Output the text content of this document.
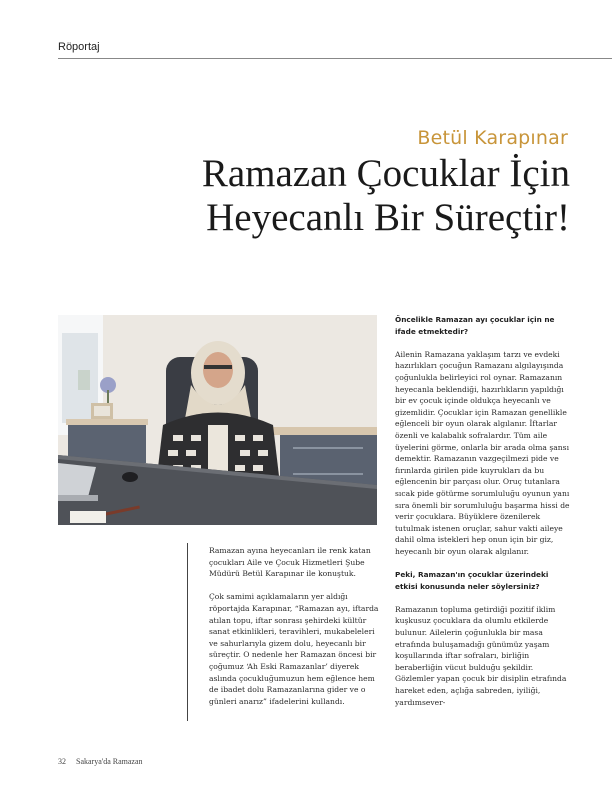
Röportaj
Betül Karapınar
Ramazan Çocuklar İçin
Heyecanlı Bir Süreçtir!

Ramazan ayına heyecanları ile renk katan çocukları Aile ve Çocuk Hizmetleri Şube Müdürü Betül Karapınar ile konuştuk.

Çok samimi açıklamaların yer aldığı röportajda Karapınar, “Ramazan ayı, iftarda atılan topu, iftar sonrası şehirdeki kültür sanat etkinlikleri, teravihleri, mukabeleleri ve sahurlarıyla gizem dolu, heyecanlı bir süreçtir. O nedenle her Ramazan öncesi bir çoğumuz ‘Ah Eski Ramazanlar’ diyerek aslında çocukluğumuzun hem eğlence hem de ibadet dolu Ramazanlarına gider ve o günleri anarız” ifadelerini kullandı.

Öncelikle Ramazan ayı çocuklar için ne ifade etmektedir?

Ailenin Ramazana yaklaşım tarzı ve evdeki hazırlıkları çocuğun Ramazanı algılayışında çoğunlukla belirleyici rol oynar. Ramazanın heyecanla beklendiği, hazırlıkların yapıldığı bir ev çocuk içinde oldukça heyecanlı ve gizemlidir. Çocuklar için Ramazan genellikle eğlenceli bir oyun olarak algılanır. İftarlar özenli ve kalabalık sofralardır. Tüm aile üyelerini görme, onlarla bir arada olma şansı demektir. Ramazanın vazgeçilmezi pide ve fırınlarda girilen pide kuyrukları da bu eğlencenin bir parçası olur. Oruç tutanlara sıcak pide götürme sorumluluğu oyunun yanı sıra önemli bir sorumluluğu başarma hissi de verir çocuklara. Büyüklere özenilerek tutulmak istenen oruçlar, sahur vakti aileye dahil olma istekleri hep onun için bir giz, heyecanlı bir oyun olarak algılanır.

Peki, Ramazan'ın çocuklar üzerindeki etkisi konusunda neler söylersiniz?

Ramazanın topluma getirdiği pozitif iklim kuşkusuz çocuklara da olumlu etkilerde bulunur. Ailelerin çoğunlukla bir masa etrafında buluşamadığı günümüz yaşam koşullarında iftar sofraları, birliğin beraberliğin vücut bulduğu şekildir. Gözlemler yapan çocuk bir disiplin etrafında hareket eden, açlığa sabreden, iyiliği, yardımsever-

32 Sakarya'da Ramazan
